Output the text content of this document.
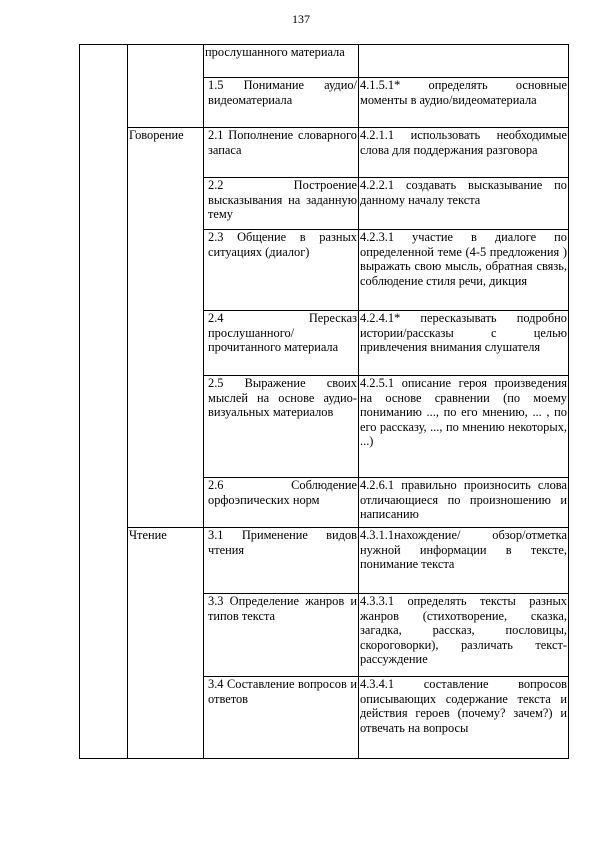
137
		прослушанного материала	
		1.5 Понимание аудио/видеоматериала	4.1.5.1* определять основные моменты в аудио/видеоматериала
	Говорение	2.1 Пополнение словарного запаса	4.2.1.1 использовать необходимые слова для поддержания разговора
		2.2 Построение высказывания на заданную тему	4.2.2.1 создавать высказывание по данному началу текста
		2.3 Общение в разных ситуациях (диалог)	4.2.3.1 участие в диалоге по определенной теме (4-5 предложения ) выражать свою мысль, обратная связь, соблюдение стиля речи, дикция
		2.4 Пересказ прослушанного/прочитанного материала	4.2.4.1* пересказывать подробно истории/рассказы с целью привлечения внимания слушателя
		2.5 Выражение своих мыслей на основе аудио-визуальных материалов	4.2.5.1 описание героя произведения на основе сравнении (по моему пониманию ..., по его мнению, ... , по его рассказу, ..., по мнению некоторых, ...)
		2.6 Соблюдение орфоэпических норм	4.2.6.1 правильно произносить слова отличающиеся по произношению и написанию
	Чтение	3.1 Применение видов чтения	4.3.1.1нахождение/ обзор/отметка нужной информации в тексте, понимание текста
		3.3 Определение жанров и типов текста	4.3.3.1 определять тексты разных жанров (стихотворение, сказка, загадка, рассказ, пословицы, скороговорки), различать текст-рассуждение
		3.4 Составление вопросов и ответов	4.3.4.1 составление вопросов описывающих содержание текста и действия героев (почему? зачем?) и отвечать на вопросы
